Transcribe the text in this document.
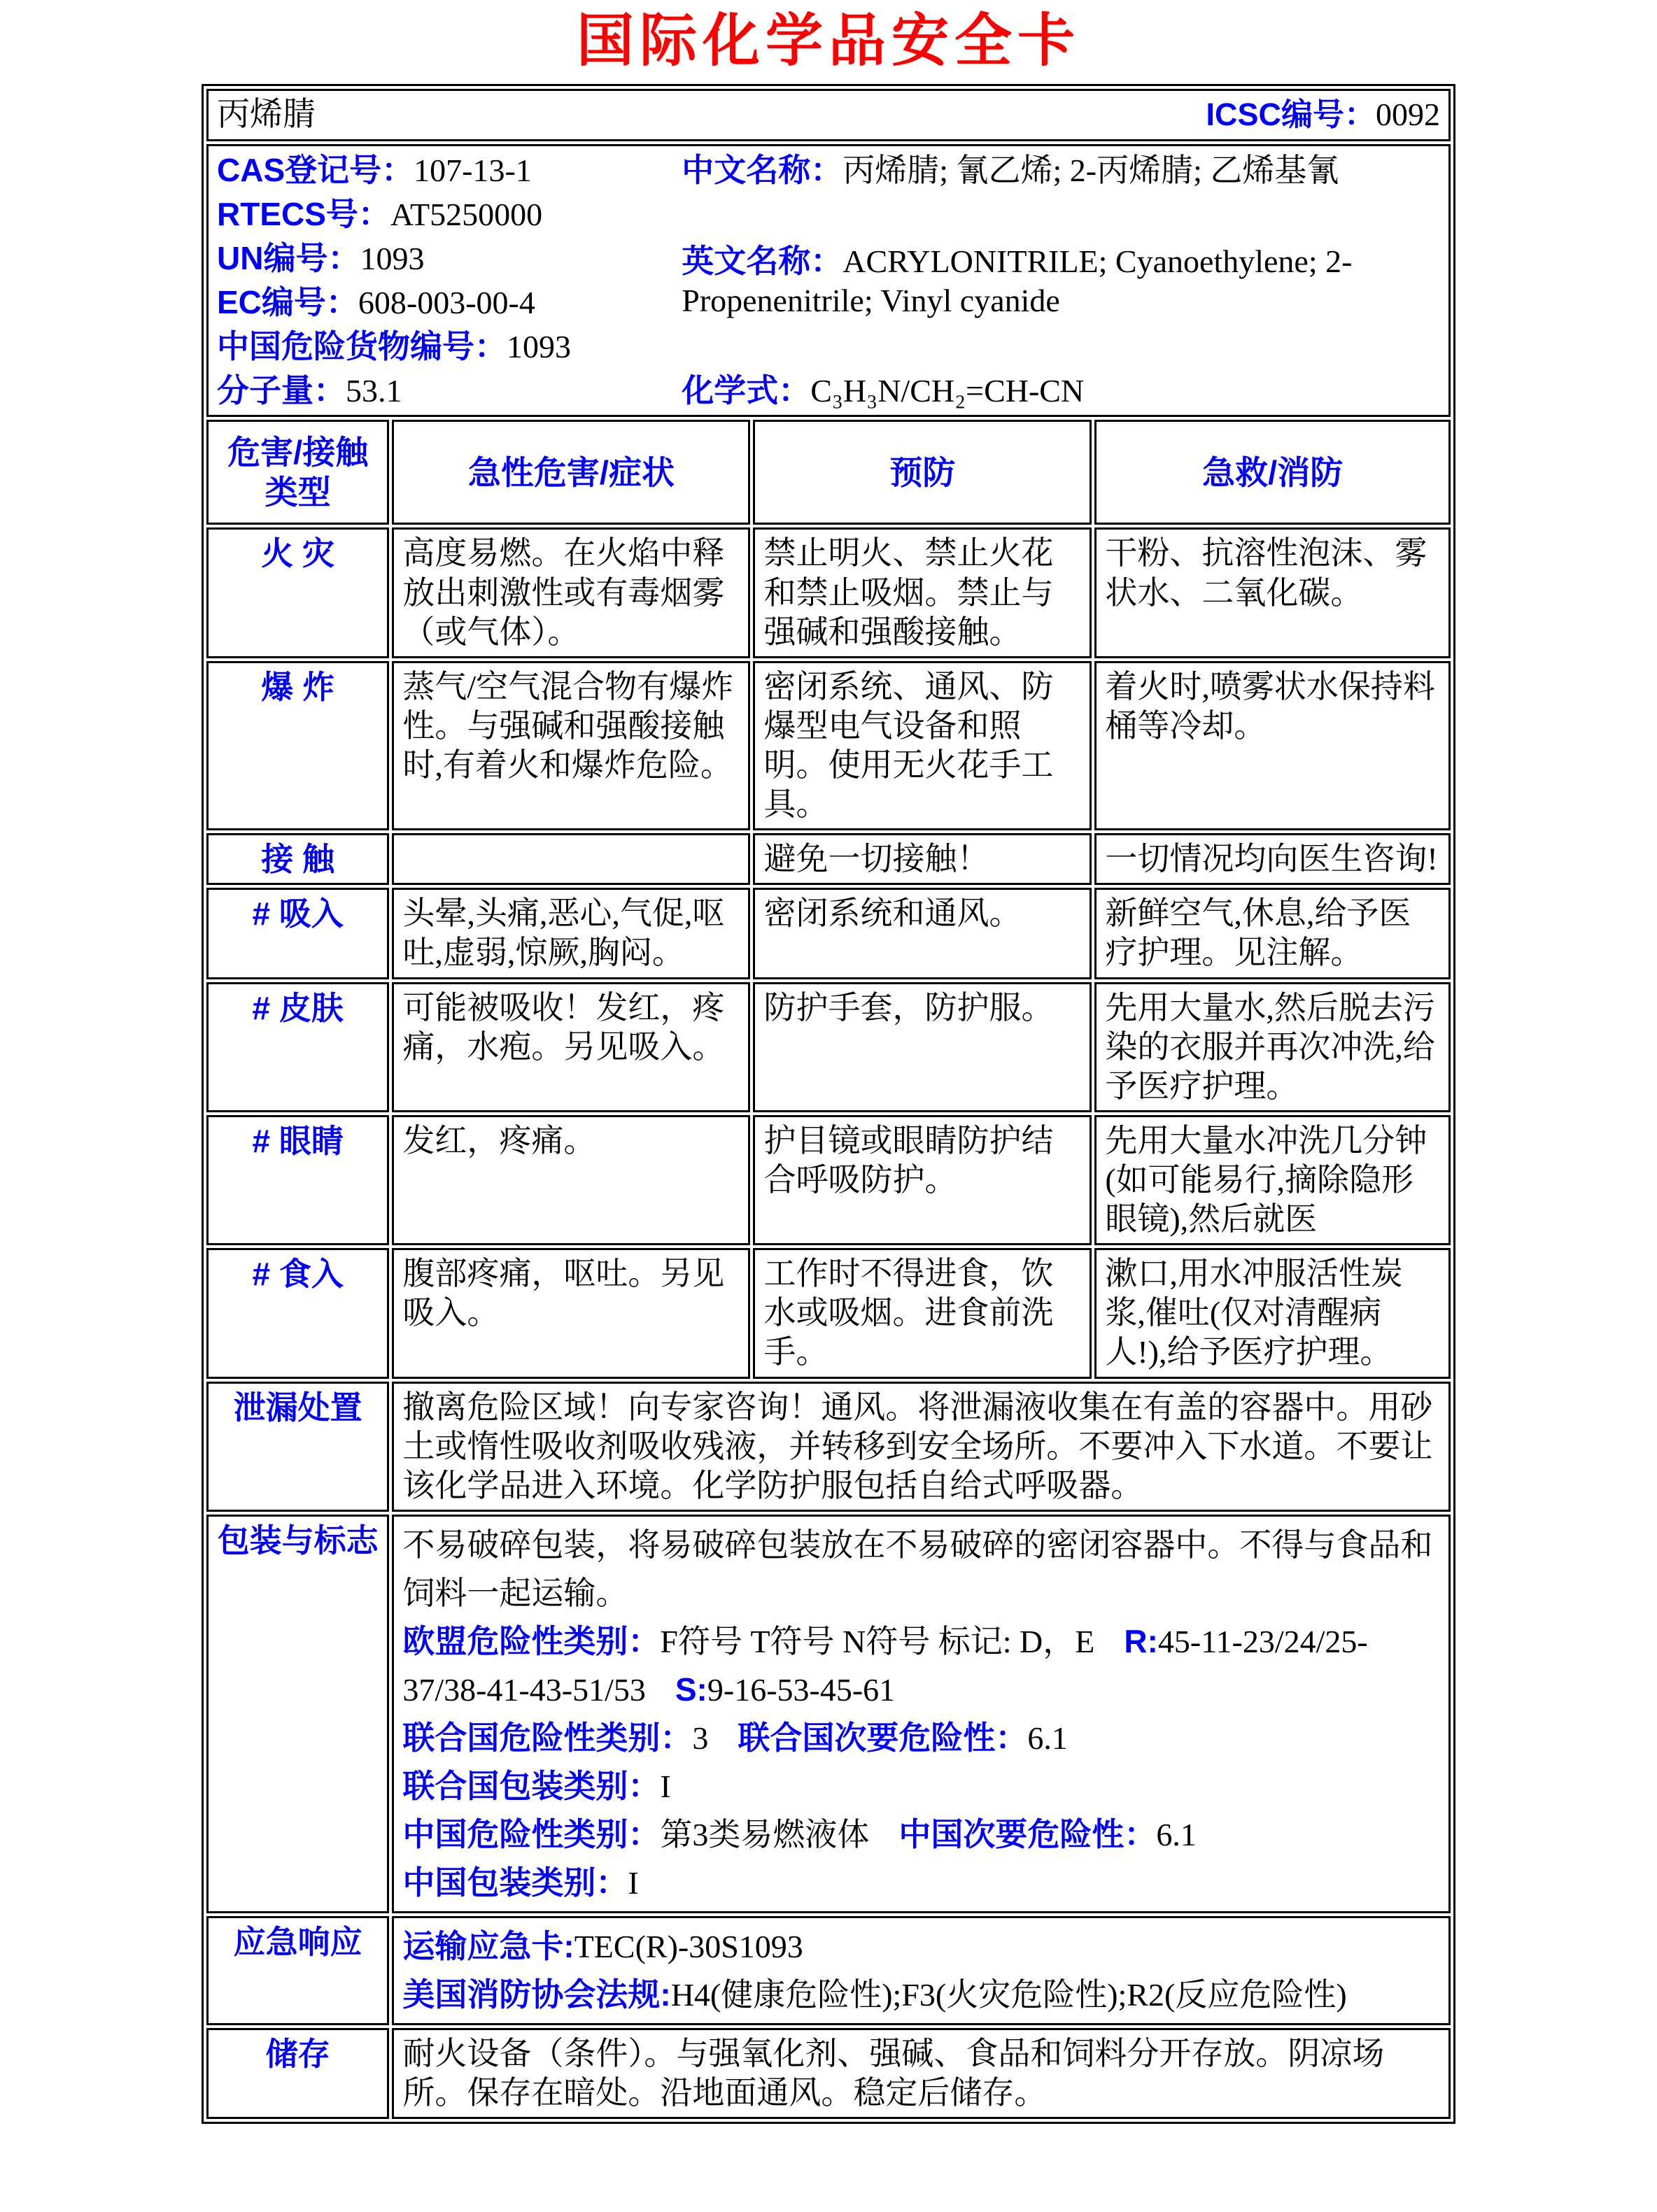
国际化学品安全卡
丙烯腈 ICSC编号：0092			

CAS登记号：107-13-1
RTECS号：AT5250000
UN编号：1093
EC编号：608-003-00-4
中国危险货物编号：1093
分子量：53.1
中文名称：丙烯腈; 氰乙烯; 2-丙烯腈; 乙烯基氰
英文名称：ACRYLONITRILE; Cyanoethylene; 2-Propenenitrile; Vinyl cyanide
化学式：C₃H₃N/CH₂=CH-CN

危害/接触类型	急性危害/症状	预防	急救/消防
火 灾	高度易燃。在火焰中释放出刺激性或有毒烟雾（或气体）。	禁止明火、禁止火花和禁止吸烟。禁止与强碱和强酸接触。	干粉、抗溶性泡沫、雾状水、二氧化碳。
爆 炸	蒸气/空气混合物有爆炸性。与强碱和强酸接触时,有着火和爆炸危险。	密闭系统、通风、防爆型电气设备和照明。使用无火花手工具。	着火时,喷雾状水保持料桶等冷却。
接 触		避免一切接触！	一切情况均向医生咨询!
# 吸入	头晕,头痛,恶心,气促,呕吐,虚弱,惊厥,胸闷。	密闭系统和通风。	新鲜空气,休息,给予医疗护理。见注解。
# 皮肤	可能被吸收！发红，疼痛，水疱。另见吸入。	防护手套，防护服。	先用大量水,然后脱去污染的衣服并再次冲洗,给予医疗护理。
# 眼睛	发红，疼痛。	护目镜或眼睛防护结合呼吸防护。	先用大量水冲洗几分钟(如可能易行,摘除隐形眼镜),然后就医
# 食入	腹部疼痛，呕吐。另见吸入。	工作时不得进食，饮水或吸烟。进食前洗手。	漱口,用水冲服活性炭浆,催吐(仅对清醒病人!),给予医疗护理。
泄漏处置	撤离危险区域！向专家咨询！通风。将泄漏液收集在有盖的容器中。用砂土或惰性吸收剂吸收残液，并转移到安全场所。不要冲入下水道。不要让该化学品进入环境。化学防护服包括自给式呼吸器。		
包装与标志	不易破碎包装，将易破碎包装放在不易破碎的密闭容器中。不得与食品和饲料一起运输。
欧盟危险性类别：F符号 T符号 N符号 标记: D，E R:45-11-23/24/25-37/38-41-43-51/53 S:9-16-53-45-61
联合国危险性类别：3 联合国次要危险性：6.1
联合国包装类别：I
中国危险性类别：第3类易燃液体 中国次要危险性：6.1
中国包装类别：I

应急响应	运输应急卡:TEC(R)-30S1093
美国消防协会法规:H4(健康危险性);F3(火灾危险性);R2(反应危险性)		

储存	耐火设备（条件）。与强氧化剂、强碱、食品和饲料分开存放。阴凉场所。保存在暗处。沿地面通风。稳定后储存。		
